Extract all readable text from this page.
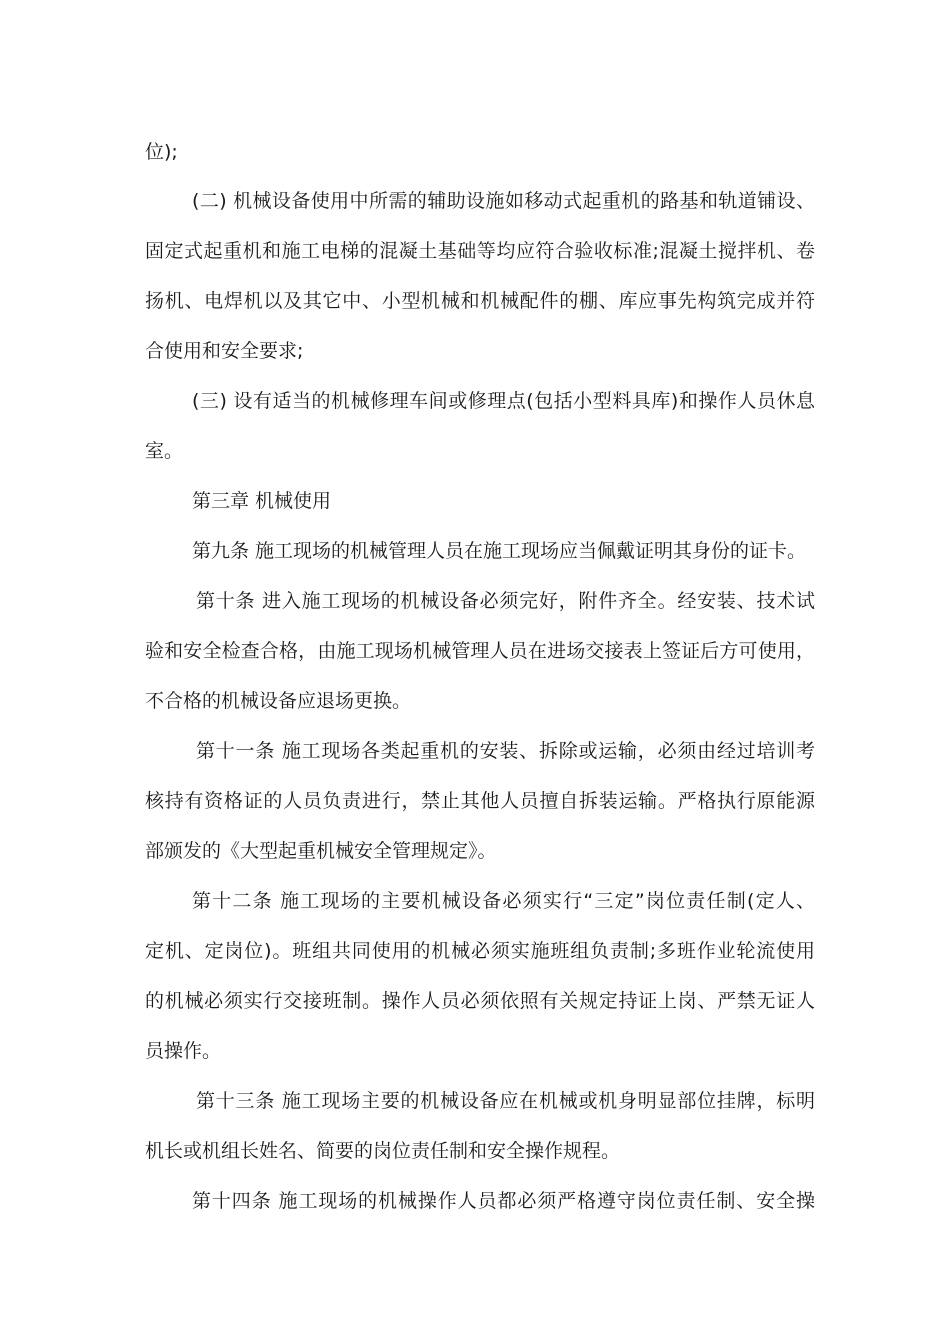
位);
(二) 机械设备使用中所需的辅助设施如移动式起重机的路基和轨道铺设、
固定式起重机和施工电梯的混凝土基础等均应符合验收标准;混凝土搅拌机、卷
扬机、电焊机以及其它中、小型机械和机械配件的棚、库应事先构筑完成并符
合使用和安全要求;
(三) 设有适当的机械修理车间或修理点(包括小型料具库)和操作人员休息
室。
第三章 机械使用
第九条 施工现场的机械管理人员在施工现场应当佩戴证明其身份的证卡。
第十条 进入施工现场的机械设备必须完好，附件齐全。经安装、技术试
验和安全检查合格，由施工现场机械管理人员在进场交接表上签证后方可使用，
不合格的机械设备应退场更换。
第十一条 施工现场各类起重机的安装、拆除或运输，必须由经过培训考
核持有资格证的人员负责进行，禁止其他人员擅自拆装运输。严格执行原能源
部颁发的《大型起重机械安全管理规定》。
第十二条 施工现场的主要机械设备必须实行“三定”岗位责任制(定人、
定机、定岗位)。班组共同使用的机械必须实施班组负责制;多班作业轮流使用
的机械必须实行交接班制。操作人员必须依照有关规定持证上岗、严禁无证人
员操作。
第十三条 施工现场主要的机械设备应在机械或机身明显部位挂牌，标明
机长或机组长姓名、简要的岗位责任制和安全操作规程。
第十四条 施工现场的机械操作人员都必须严格遵守岗位责任制、安全操
